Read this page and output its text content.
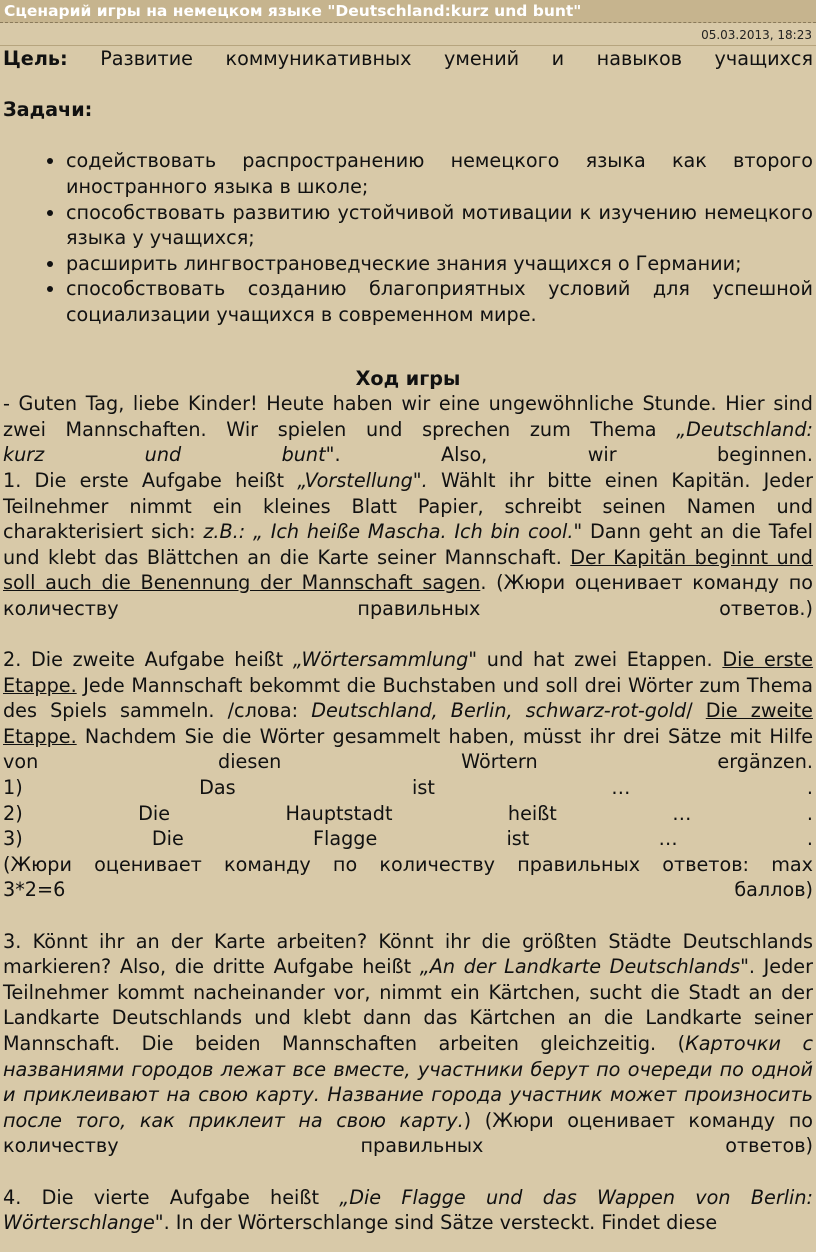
Сценарий игры на немецком языке "Deutschland:kurz und bunt"
05.03.2013, 18:23

Цель: Развитие коммуникативных умений и навыков учащихся

Задачи:

• содействовать распространению немецкого языка как второго иностранного языка в школе;
• способствовать развитию устойчивой мотивации к изучению немецкого языка у учащихся;
• расширить лингвострановедческие знания учащихся о Германии;
• способствовать созданию благоприятных условий для успешной социализации учащихся в современном мире.

Ход игры

- Guten Tag, liebe Kinder! Heute haben wir eine ungewöhnliche Stunde. Hier sind zwei Mannschaften. Wir spielen und sprechen zum Thema „Deutschland:

kurz	und	bunt".	Also,	wir	beginnen.

1. Die erste Aufgabe heißt „Vorstellung". Wählt ihr bitte einen Kapitän. Jeder Teilnehmer nimmt ein kleines Blatt Papier, schreibt seinen Namen und charakterisiert sich: z.B.: „ Ich heiße Mascha. Ich bin cool." Dann geht an die Tafel und klebt das Blättchen an die Karte seiner Mannschaft. Der Kapitän beginnt und soll auch die Benennung der Mannschaft sagen. (Жюри оценивает команду по количеству правильных ответов.)

2. Die zweite Aufgabe heißt „Wörtersammlung" und hat zwei Etappen. Die erste Etappe. Jede Mannschaft bekommt die Buchstaben und soll drei Wörter zum Thema des Spiels sammeln. /слова: Deutschland, Berlin, schwarz-rot-gold/ Die zweite Etappe. Nachdem Sie die Wörter gesammelt haben, müsst ihr drei Sätze mit Hilfe von diesen Wörtern ergänzen.

1)	Das	ist	…	.

2)	Die	Hauptstadt	heißt	…	.

3)	Die	Flagge	ist	…	.

(Жюри оценивает команду по количеству правильных ответов: max

3*2=6	баллов)

3. Könnt ihr an der Karte arbeiten? Könnt ihr die größten Städte Deutschlands markieren? Also, die dritte Aufgabe heißt „An der Landkarte Deutschlands". Jeder Teilnehmer kommt nacheinander vor, nimmt ein Kärtchen, sucht die Stadt an der Landkarte Deutschlands und klebt dann das Kärtchen an die Landkarte seiner Mannschaft. Die beiden Mannschaften arbeiten gleichzeitig. (Карточки с названиями городов лежат все вместе, участники берут по очереди по одной и приклеивают на свою карту. Название города участник может произносить после того, как приклеит на свою карту.) (Жюри оценивает команду по количеству правильных ответов)

4. Die vierte Aufgabe heißt „Die Flagge und das Wappen von Berlin: Wörterschlange". In der Wörterschlange sind Sätze versteckt. Findet diese
